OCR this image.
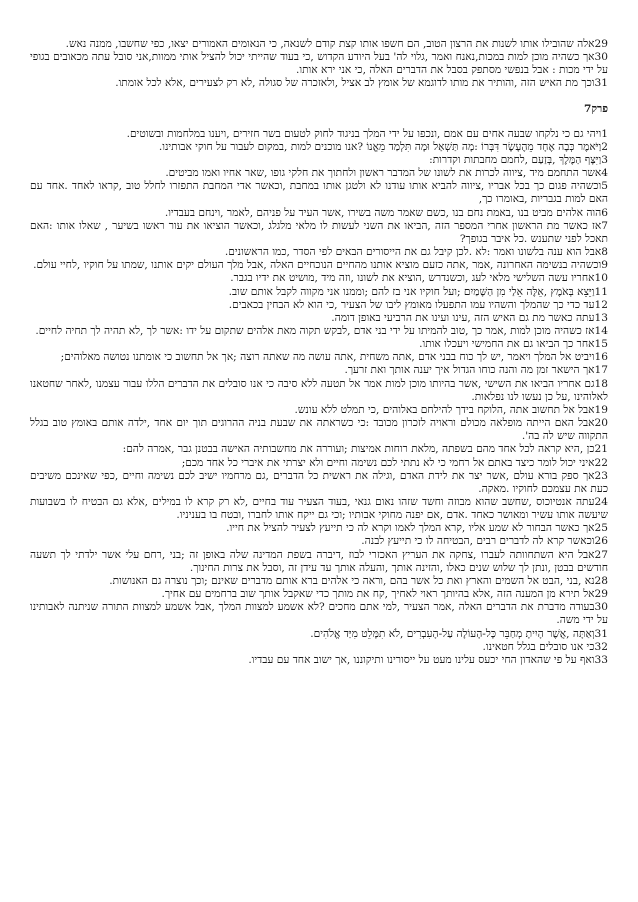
29אלה שהובילו אותו לשנות את הרצון הטוב, הם חשפו אותו קצת קודם לשנאה, כי הנאומים האמורים יצאו, כפי שחשבו, ממנה נאש.

30אך כשהיה מוכן למות במכות,נאנח ואמר ,גלוי לה' בעל היודע הקדוש ,כי בעוד שהייתי יכול להציל אותי ממוות,אני סובל עתה מכאובים בגופי על ידי מכות : אבל בנפשי מסתפק בסבל את הדברים האלה ,כי אני ירא אותו.

31וכך מת האיש הזה ,והותיר את מותו לדוגמא של אומץ לב אציל ,ולאזכרה של סגולה ,לא רק לצעירים ,אלא לכל אומתו.

פרק7

1ויהי גם כי נלקחו שבעה אחים עם אמם ,ונכפו על ידי המלך בניגוד לחוק לטעום בשר חזירים ,ויענו במלחמות ובשוטים.

2וַיֹּאמֶר כְּבָה אֶחָד מֵהֶעָשֶׂר דִּבְּרוֹ :מָה תַּשְׁאַל וּמָה תִּלְמַד מֵאֱנוֹ ?אנו מוכנים למות ,במקום לעבור על חוקי אבותינו.

3וַיִּצָּף הַמֶּלֶךְ ,בְּזַעַם ,לחמם מחבתות וקדרות:

4אשר התחמם מיד ,ציווה לכרות את לשונו של המדבר ראשון ולחתוך את חלקי גופו ,שאר אחיו ואמו מביטים.

5וכשהיה פגום כך בכל אבריו ,ציווה להביא אותו עודנו לא ולטגן אותו במחבת ,וכאשר אדי המחבת התפזרו לחלל טוב ,קראו לאחד .אחד עם האם למות בגבריות ,באומרו כך,

6הוה אלהים מביט בנו ,באמת נחם בנו ,כשם שאמר משה בשירו ,אשר העיד על פניהם ,לאמר ,וינחם בעבדיו.

7אז כאשר מת הראשון אחרי המספר הזה ,הביאו את השני לעשות לו מלאי מלגלג ,וכאשר הוציאו את עור ראשו בשיער , שאלו אותו :האם תאכל לפני שתענש .כל איבר בגופך?

8אבל הוא ענה בלשונו ואמר :לא .לכן קיבל גם את הייסורים הבאים לפי הסדר ,כמו הראשונים.

9וכשהיה בנשימה האחרונה ,אמר ,אתה כזעם מוציא אותנו מהחיים הנוכחיים האלה ,אבל מלך העולם יקים אותנו ,שמתו על חוקיו ,לחיי עולם.

10אחריו עשה השלישי מלאי לעג ,וכשנדרש ,הוציא את לשונו ,וזה מיד ,מושיט את ידיו בגבר.

11וַיֵּצֵא בְּאֹמֶץ ,אֵלֶּה אֵלַי מִן הַשָּׁמַיִם ;ועל חוקיו אני בז להם ;וממנו אני מקווה לקבל אותם שוב.

12עד כדי כך שהמלך והשהיו עמו התפעלו מאומץ ליבו של הצעיר ,כי הוא לא הבחין בכאבים.

13עתה כאשר מת גם האיש הזה ,עינו ועינו את הרביעי באופן דומה.

14אז כשהיה מוכן למות ,אמר כך ,טוב להמיתו על ידי בני אדם ,לבקש תקוה מאת אלהים שתקום על ידו :אשר לך ,לא תהיה לך תחיה לחיים.

15אחר כך הביאו גם את החמישי ויעכלו אותו.

16ויביט אל המלך ויאמר ,יש לך כוח בבני אדם ,אתה משחית ,אתה עושה מה שאתה רוצה ;אך אל תחשוב כי אומתנו נטושה מאלוהים;

17אך הישאר זמן מה והנה כוחו הגדול איך יענה אותך ואת זרעך.

18גם אחריו הביאו את השישי ,אשר בהיותו מוכן למות אמר אל תטעה ללא סיבה כי אנו סובלים את הדברים הללו עבור עצמנו ,לאחר שחטאנו לאלוהינו ,על כן נעשו לנו נפלאות.

19אבל אל תחשוב אתה ,הלוקח בידך להילחם באלוהים ,כי תמלט ללא עונש.

20אבל האם הייתה מופלאה מכולם וראויה לזכרון מכובד :כי כשראתה את שבעת בניה ההרוגים תוך יום אחד ,ילדה אותם באומץ טוב בגלל התקווה שיש לה בה'.

21כן ,היא קראה לכל אחד מהם בשפתה ,מלאת רוחות אמיצות ;ועוררה את מחשבותיה האישה בבטנן גבר ,אמרה להם:

22איני יכול לומר כיצד באתם אל רחמי כי לא נתתי לכם נשימה וחיים ולא יצרתי את איברי כל אחד מכם;

23אך ספק בורא עולם ,אשר יצר את לידת האדם ,וגילה את ראשית כל הדברים ,גם מרחמיו ישיב לכם נשימה וחיים ,כפי שאינכם משיבים כעת את עצמכם לחוקיו .מאקה.

24עתה אנטיוכוס ,שחשב שהוא מבוזה וחשד שזהו נאום גנאי ,בעוד הצעיר עוד בחיים ,לא רק קרא לו במילים ,אלא גם הבטיח לו בשבועות שיעשה אותו עשיר ומאושר כאחד .אדם ,אם יפנה מחוקי אבותיו ;וכי גם ייקח אותו לחברו ,ובטח בו בעניניו.

25אך כאשר הבחור לא שמע אליו ,קרא המלך לאמו וקרא לה כי תייעץ לצעיר להציל את חייו.

26וכאשר קרא לה לדברים רבים ,הבטיחה לו כי תייעץ לבנה.

27אבל היא השתחוותה לעברו ,צחקה את העריץ האכזרי לבוז ,דיברה בשפת המדינה שלה באופן זה ;בני ,רחם עלי אשר ילדתי לך תשעה חודשים בבטן ,ונתן לך שלוש שנים כאלו ,והזינה אותך ,והעלה אותך עד עידן זה ,וסבל את צרות החינוך.

28נא ,בני ,הבט אל השמים והארץ ואת כל אשר בהם ,וראה כי אלהים ברא אותם מדברים שאינם ;וכך נוצרה גם האנושות.

29אל תירא מן המענה הזה ,אלא בהיותך ראוי לאחיך ,קח את מותך כדי שאקבל אותך שוב ברחמים עם אחיך.

30בעודה מדברת את הדברים האלה ,אמר הצעיר ,למי אתם מחכים ?לא אשמע למצוות המלך ,אבל אשמע למצוות התורה שניתנה לאבותינו על ידי משה.

31וְאַתָּה ,אֲשֶׁר הָיִיתָ מְחַבֵּר כָּל-הָעוֹלָה עַל-הָעִבְרִים ,לֹא תִמָּלֵט מִיַּד אֱלֹהִים.

32כי אנו סובלים בגלל חטאינו.

33ואף על פי שהאדון החי יכעס עלינו מעט על ייסורינו ותיקוננו ,אך ישוב אחד עם עבדיו.
